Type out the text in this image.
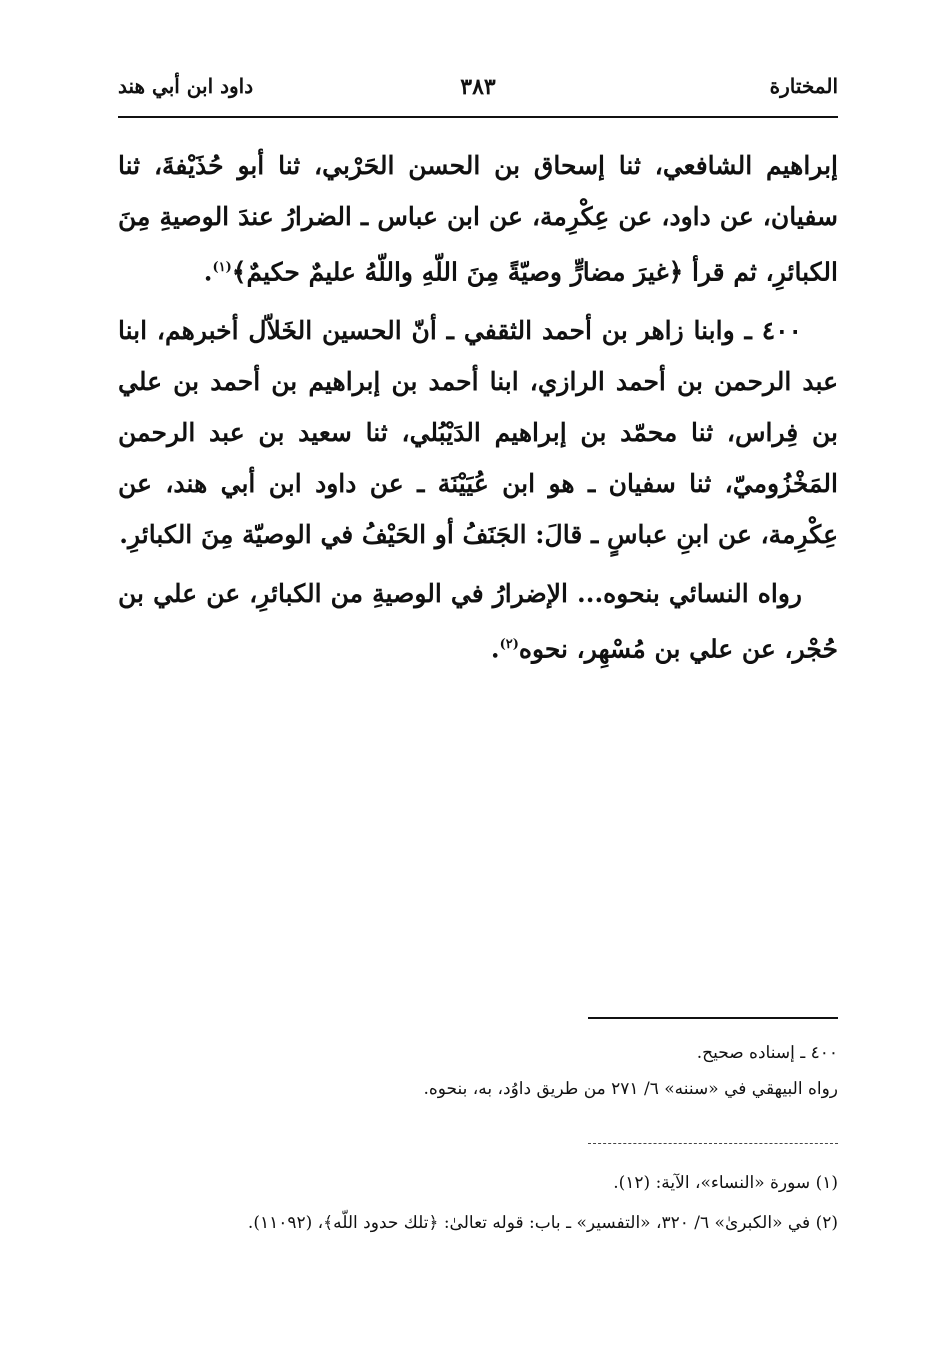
المختارة
٣٨٣
داود ابن أبي هند

إبراهيم الشافعي، ثنا إسحاق بن الحسن الحَرْبي، ثنا أبو حُذَيْفةَ، ثنا سفيان، عن داود، عن عِكْرِمة، عن ابن عباس ـ الضرارُ عندَ الوصيةِ مِنَ الكبائرِ، ثم قرأ ﴿غيرَ مضارٍّ وصيّةً مِنَ اللّهِ واللّهُ عليمٌ حكيمٌ﴾$^{(١)}$.

٤٠٠ ـ وابنا زاهر بن أحمد الثقفي ـ أنّ الحسين الخَلاّل أخبرهم، ابنا عبد الرحمن بن أحمد الرازي، ابنا أحمد بن إبراهيم بن أحمد بن علي بن فِراس، ثنا محمّد بن إبراهيم الدَيْبُلي، ثنا سعيد بن عبد الرحمن المَخْزُوميّ، ثنا سفيان ـ هو ابن عُيَيْنَة ـ عن داود ابن أبي هند، عن عِكْرِمة، عن ابنِ عباسٍ ـ قالَ: الجَنَفُ أو الحَيْفُ في الوصيّة مِنَ الكبائرِ.

رواه النسائي بنحوه... الإضرارُ في الوصيةِ من الكبائرِ، عن علي بن حُجْر، عن علي بن مُسْهِر، نحوه$^{(٢)}$.

٤٠٠ ـ إسناده صحيح.

رواه البيهقي في «سننه» ٦/ ٢٧١ من طريق داوُد، به، بنحوه.

(١) سورة «النساء»، الآية: (١٢).

(٢) في «الكبرىٰ» ٦/ ٣٢٠، «التفسير» ـ باب: قوله تعالىٰ: ﴿تلك حدود اللّه﴾، (١١٠٩٢).
